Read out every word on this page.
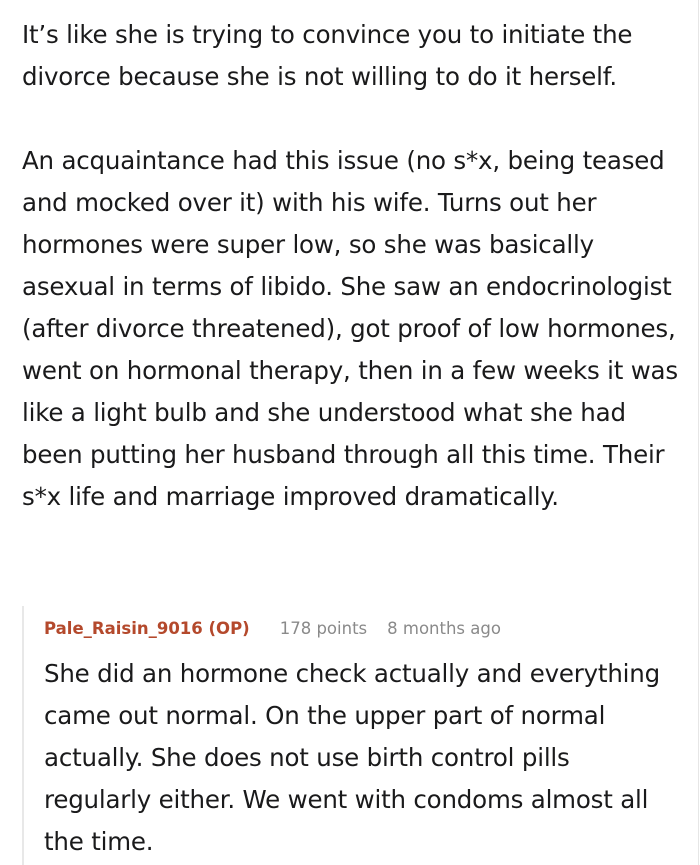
It’s like she is trying to convince you to initiate the divorce because she is not willing to do it herself.

An acquaintance had this issue (no s*x, being teased and mocked over it) with his wife. Turns out her hormones were super low, so she was basically asexual in terms of libido. She saw an endocrinologist (after divorce threatened), got proof of low hormones, went on hormonal therapy, then in a few weeks it was like a light bulb and she understood what she had been putting her husband through all this time. Their s*x life and marriage improved dramatically.

Pale_Raisin_9016 (OP) 178 points 8 months ago

She did an hormone check actually and everything came out normal. On the upper part of normal actually. She does not use birth control pills regularly either. We went with condoms almost all the time.
